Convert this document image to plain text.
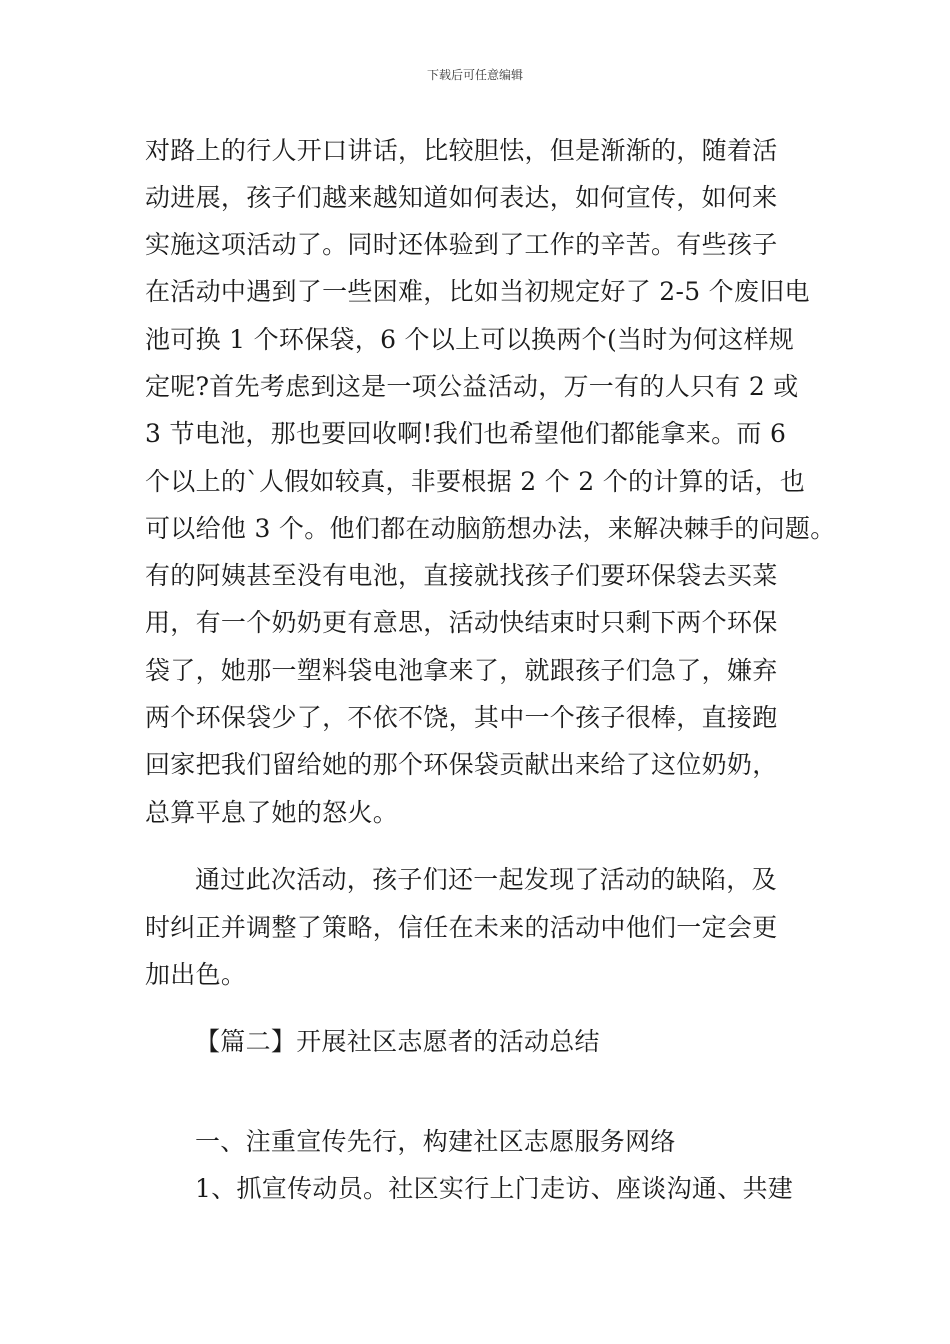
下载后可任意编辑
对路上的行人开口讲话，比较胆怯，但是渐渐的，随着活
动进展，孩子们越来越知道如何表达，如何宣传，如何来
实施这项活动了。同时还体验到了工作的辛苦。有些孩子
在活动中遇到了一些困难，比如当初规定好了 2-5 个废旧电
池可换 1 个环保袋，6 个以上可以换两个(当时为何这样规
定呢?首先考虑到这是一项公益活动，万一有的人只有 2 或
3 节电池，那也要回收啊!我们也希望他们都能拿来。而 6
个以上的`人假如较真，非要根据 2 个 2 个的计算的话，也
可以给他 3 个。他们都在动脑筋想办法，来解决棘手的问题。
有的阿姨甚至没有电池，直接就找孩子们要环保袋去买菜
用，有一个奶奶更有意思，活动快结束时只剩下两个环保
袋了，她那一塑料袋电池拿来了，就跟孩子们急了，嫌弃
两个环保袋少了，不依不饶，其中一个孩子很棒，直接跑
回家把我们留给她的那个环保袋贡献出来给了这位奶奶，
总算平息了她的怒火。
通过此次活动，孩子们还一起发现了活动的缺陷，及
时纠正并调整了策略，信任在未来的活动中他们一定会更
加出色。
【篇二】开展社区志愿者的活动总结
一、注重宣传先行，构建社区志愿服务网络
1、抓宣传动员。社区实行上门走访、座谈沟通、共建
